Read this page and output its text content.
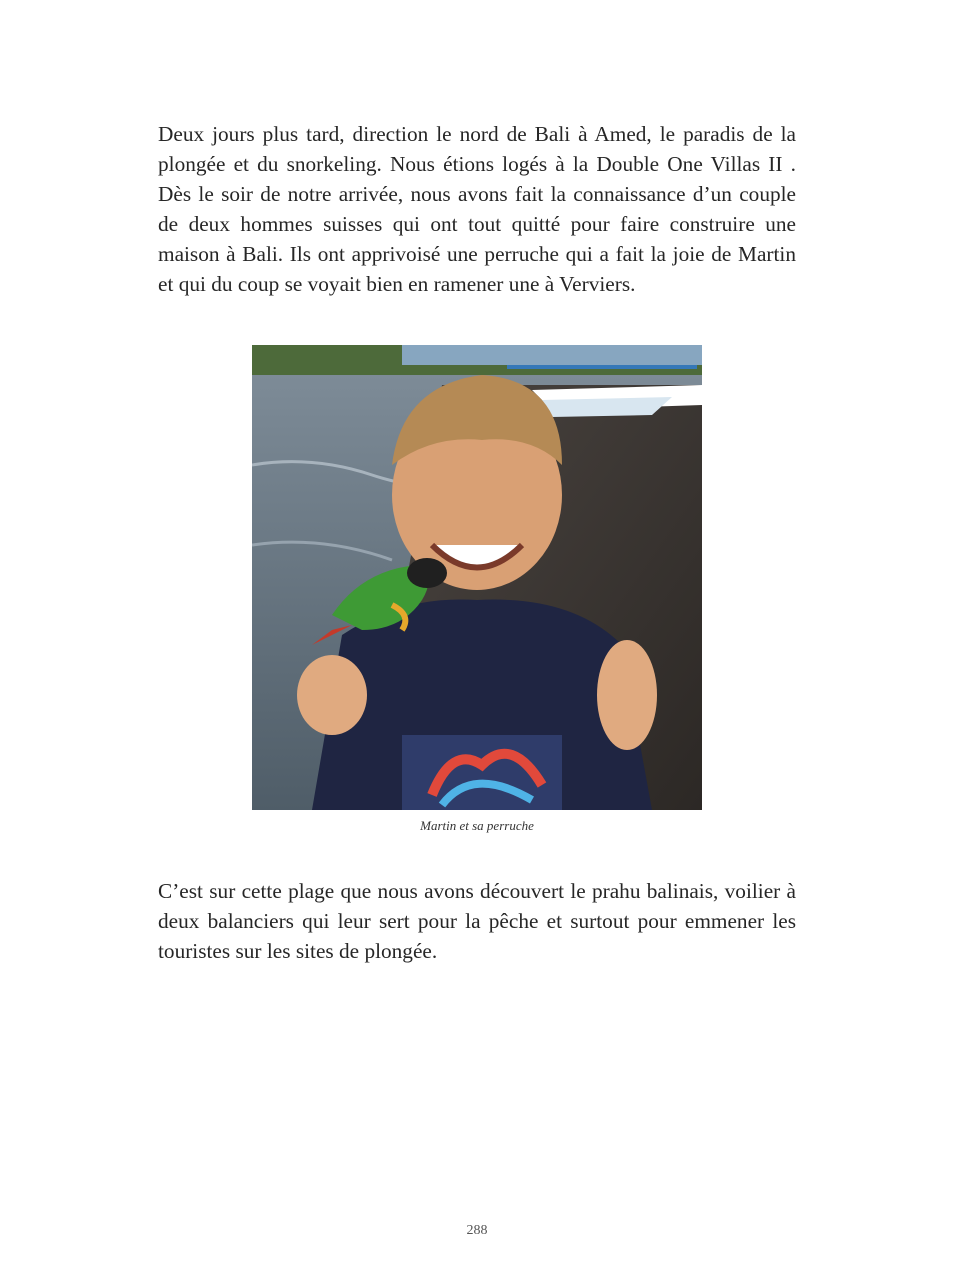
Deux jours plus tard, direction le nord de Bali à Amed, le paradis de la plongée et du snorkeling. Nous étions logés à la Double One Villas II . Dès le soir de notre arrivée, nous avons fait la connaissance d’un couple de deux hommes suisses qui ont tout quitté pour faire construire une maison à Bali. Ils ont apprivoisé une perruche qui a fait la joie de Martin et qui du coup se voyait bien en ramener une à Verviers.

Martin et sa perruche

C’est sur cette plage que nous avons découvert le prahu balinais, voilier à deux balanciers qui leur sert pour la pêche et surtout pour emmener les touristes sur les sites de plongée.

288
